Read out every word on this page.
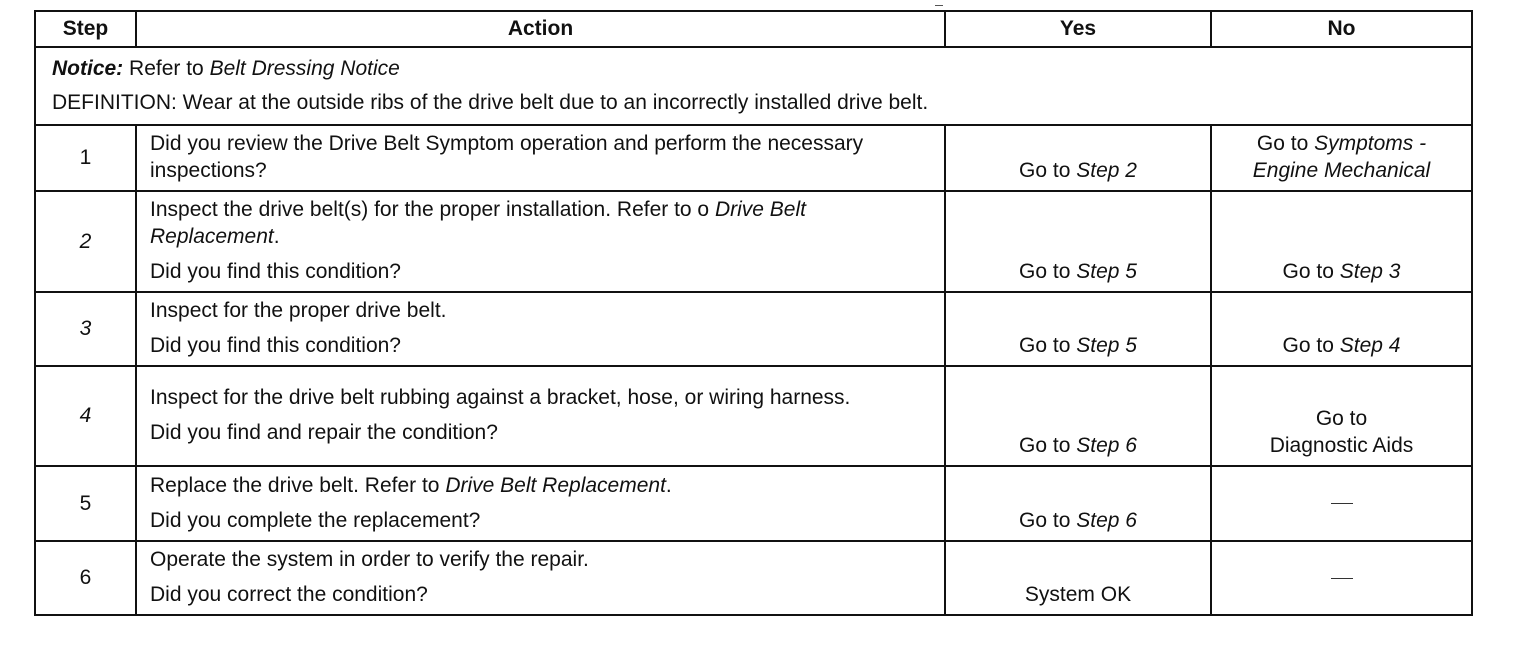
Step	Action	Yes	No

Notice: Refer to Belt Dressing Notice
DEFINITION: Wear at the outside ribs of the drive belt due to an incorrectly installed drive belt.			

1	Did you review the Drive Belt Symptom operation and perform the necessary inspections?	Go to Step 2	Go to Symptoms -
Engine Mechanical

2	Inspect the drive belt(s) for the proper installation. Refer to o Drive Belt Replacement.
Did you find this condition?	Go to Step 5	Go to Step 3
3	Inspect for the proper drive belt.
Did you find this condition?	Go to Step 5	Go to Step 4
4	Inspect for the drive belt rubbing against a bracket, hose, or wiring harness.
Did you find and repair the condition?	Go to Step 6	Go to
Diagnostic Aids

5	Replace the drive belt. Refer to Drive Belt Replacement.
Did you complete the replacement?	Go to Step 6	
6	Operate the system in order to verify the repair.
Did you correct the condition?	System OK	
